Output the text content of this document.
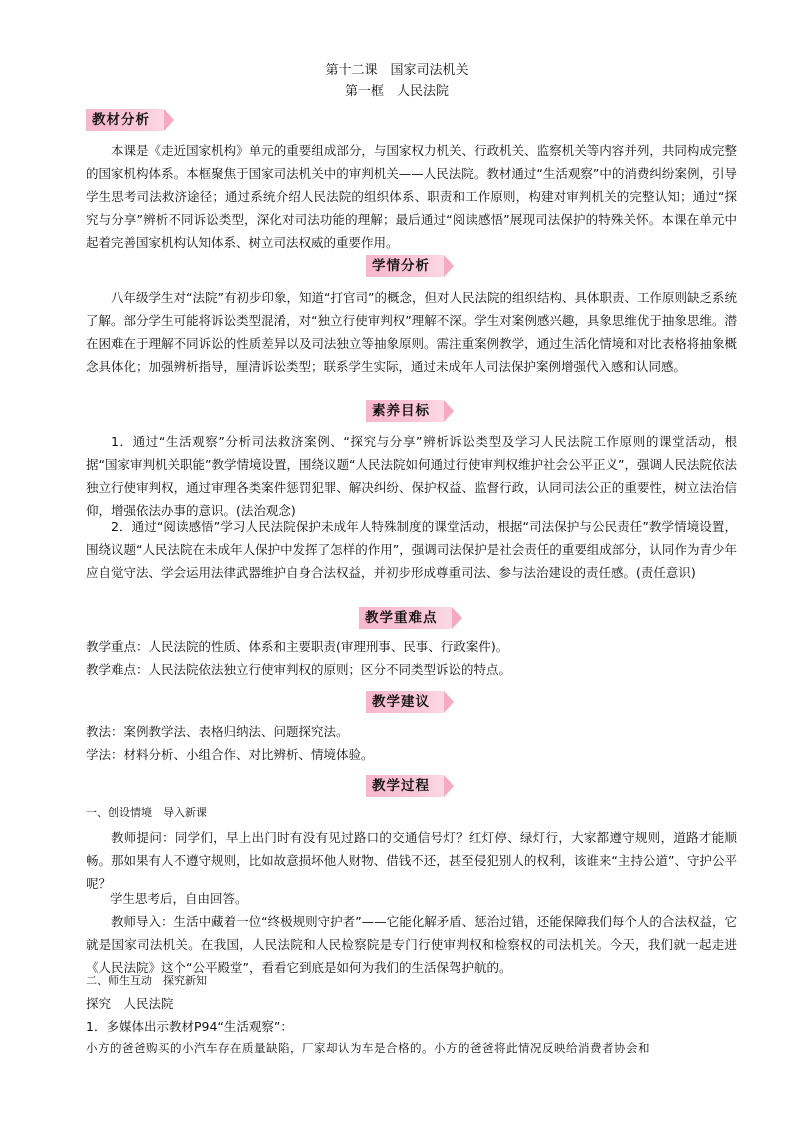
第十二课　国家司法机关
第一框　人民法院
教材分析

本课是《走近国家机构》单元的重要组成部分，与国家权力机关、行政机关、监察机关等内容并列，共同构成完整的国家机构体系。本框聚焦于国家司法机关中的审判机关——人民法院。教材通过“生活观察”中的消费纠纷案例，引导学生思考司法救济途径；通过系统介绍人民法院的组织体系、职责和工作原则，构建对审判机关的完整认知；通过“探究与分享”辨析不同诉讼类型，深化对司法功能的理解；最后通过“阅读感悟”展现司法保护的特殊关怀。本课在单元中起着完善国家机构认知体系、树立司法权威的重要作用。

学情分析

八年级学生对“法院”有初步印象，知道“打官司”的概念，但对人民法院的组织结构、具体职责、工作原则缺乏系统了解。部分学生可能将诉讼类型混淆，对“独立行使审判权”理解不深。学生对案例感兴趣，具象思维优于抽象思维。潜在困难在于理解不同诉讼的性质差异以及司法独立等抽象原则。需注重案例教学，通过生活化情境和对比表格将抽象概念具体化；加强辨析指导，厘清诉讼类型；联系学生实际，通过未成年人司法保护案例增强代入感和认同感。

素养目标

1．通过“生活观察”分析司法救济案例、“探究与分享”辨析诉讼类型及学习人民法院工作原则的课堂活动，根据“国家审判机关职能”教学情境设置，围绕议题“人民法院如何通过行使审判权维护社会公平正义”，强调人民法院依法独立行使审判权，通过审理各类案件惩罚犯罪、解决纠纷、保护权益、监督行政，认同司法公正的重要性，树立法治信仰，增强依法办事的意识。(法治观念)

2．通过“阅读感悟”学习人民法院保护未成年人特殊制度的课堂活动，根据“司法保护与公民责任”教学情境设置，围绕议题“人民法院在未成年人保护中发挥了怎样的作用”，强调司法保护是社会责任的重要组成部分，认同作为青少年应自觉守法、学会运用法律武器维护自身合法权益，并初步形成尊重司法、参与法治建设的责任感。(责任意识)

教学重难点
教学重点：人民法院的性质、体系和主要职责(审理刑事、民事、行政案件)。
教学难点：人民法院依法独立行使审判权的原则；区分不同类型诉讼的特点。
教学建议
教法：案例教学法、表格归纳法、问题探究法。
学法：材料分析、小组合作、对比辨析、情境体验。
教学过程
一、创设情境　导入新课

教师提问：同学们，早上出门时有没有见过路口的交通信号灯？红灯停、绿灯行，大家都遵守规则，道路才能顺畅。那如果有人不遵守规则，比如故意损坏他人财物、借钱不还，甚至侵犯别人的权利，该谁来“主持公道”、守护公平呢？

学生思考后，自由回答。

教师导入：生活中藏着一位“终极规则守护者”——它能化解矛盾、惩治过错，还能保障我们每个人的合法权益，它就是国家司法机关。在我国，人民法院和人民检察院是专门行使审判权和检察权的司法机关。今天，我们就一起走进《人民法院》这个“公平殿堂”，看看它到底是如何为我们的生活保驾护航的。

二、师生互动　探究新知
探究　人民法院
1．多媒体出示教材P94“生活观察”：
小方的爸爸购买的小汽车存在质量缺陷，厂家却认为车是合格的。小方的爸爸将此情况反映给消费者协会和
